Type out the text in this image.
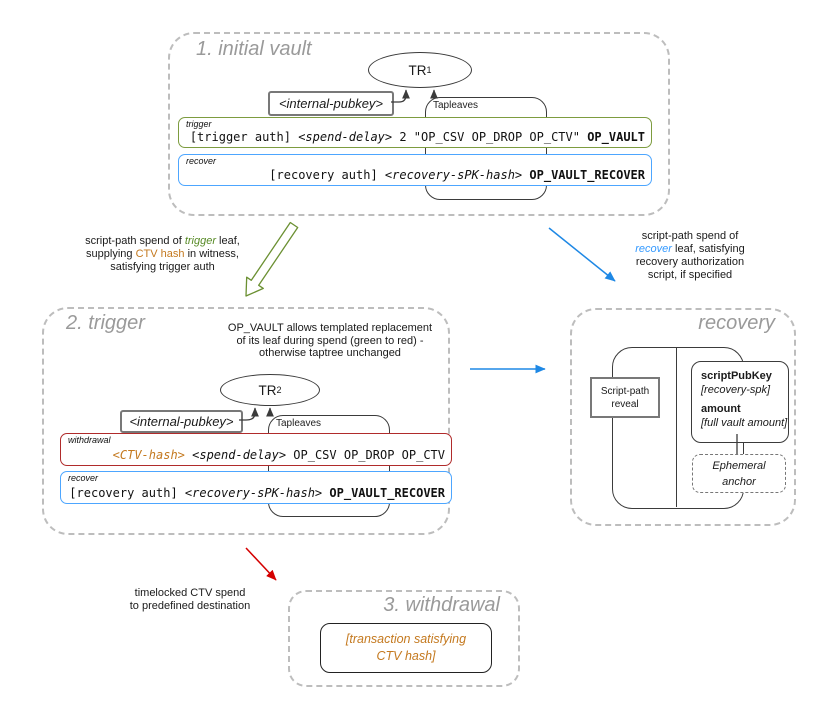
1. initial vault
Tapleaves
TR 1
<internal-pubkey>
trigger
[trigger auth] <spend-delay> 2 "OP_CSV OP_DROP OP_CTV" OP_VAULT
recover
[recovery auth] <recovery-sPK-hash> OP_VAULT_RECOVER
script-path spend of trigger leaf,
supplying CTV hash in witness,
satisfying trigger auth
script-path spend of
recover leaf, satisfying
recovery authorization
script, if specified
timelocked CTV spend
to predefined destination
2. trigger	OP_VAULT allows templated replacement
of its leaf during spend (green to red) -
otherwise taptree unchanged
Tapleaves
TR 2
<internal-pubkey>
withdrawal
<CTV-hash> <spend-delay> OP_CSV OP_DROP OP_CTV
recover
[recovery auth] <recovery-sPK-hash> OP_VAULT_RECOVER
recovery
Script-path
reveal
scriptPubKey
[recovery-spk]
amount
[full vault amount]
Ephemeral
anchor
3. withdrawal
[transaction satisfying
CTV hash]
